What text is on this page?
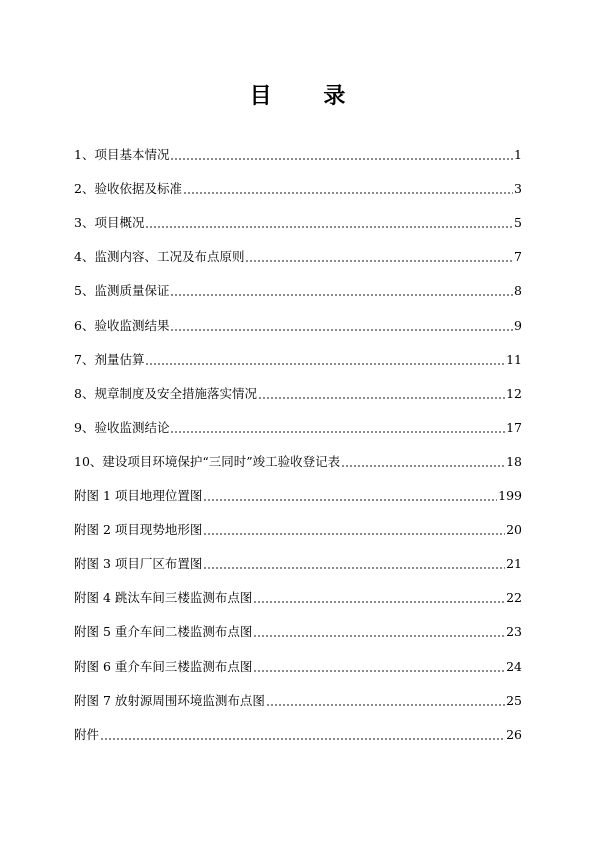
目 录
1、项目基本情况	1
2、验收依据及标准	3
3、项目概况	5
4、监测内容、工况及布点原则	7
5、监测质量保证	8
6、验收监测结果	9
7、剂量估算	11
8、规章制度及安全措施落实情况	12
9、验收监测结论	17
10、建设项目环境保护“三同时”竣工验收登记表	18
附图 1 项目地理位置图	199
附图 2 项目现势地形图	20
附图 3 项目厂区布置图	21
附图 4 跳汰车间三楼监测布点图	22
附图 5 重介车间二楼监测布点图	23
附图 6 重介车间三楼监测布点图	24
附图 7 放射源周围环境监测布点图	25
附件	26
